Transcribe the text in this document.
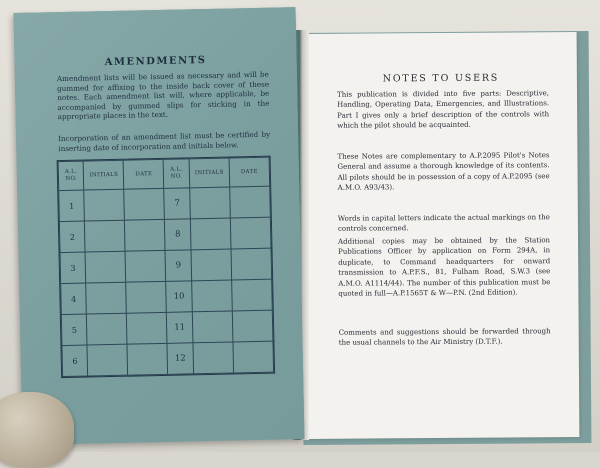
NOTES TO USERS
This publication is divided into five parts: Descriptive, Handling, Operating Data, Emergencies, and Illustrations. Part I gives only a brief description of the controls with which the pilot should be acquainted.
These Notes are complementary to A.P.2095 Pilot's Notes General and assume a thorough knowledge of its contents. All pilots should be in possession of a copy of A.P.2095 (see A.M.O. A93/43).
Words in capital letters indicate the actual markings on the controls concerned.
Additional copies may be obtained by the Station Publications Officer by application on Form 294A, in duplicate, to Command headquarters for onward transmission to A.P.F.S., 81, Fulham Road, S.W.3 (see A.M.O. A1114/44). The number of this publication must be quoted in full—A.P.1565T & W—P.N. (2nd Edition).
Comments and suggestions should be forwarded through the usual channels to the Air Ministry (D.T.F.).
AMENDMENTS
Amendment lists will be issued as necessary and will be gummed for affixing to the inside back cover of these notes. Each amendment list will, where applicable, be accompanied by gummed slips for sticking in the appropriate places in the text.
Incorporation of an amendment list must be certified by inserting date of incorporation and initials below.
A.L. NO.	INITIALS	DATE	A.L. NO.	INITIALS	DATE
1			7		
2			8		
3			9		
4			10		
5			11		
6			12		
